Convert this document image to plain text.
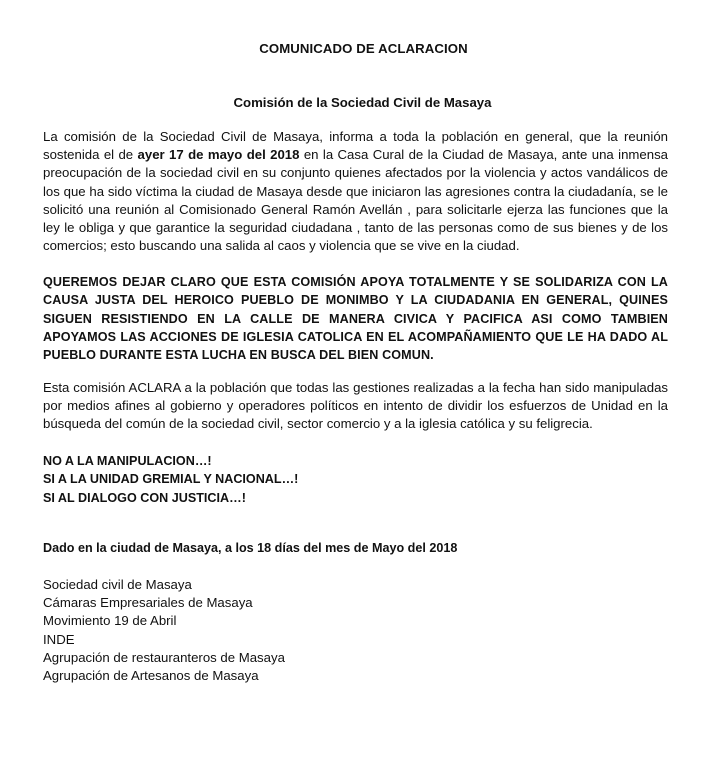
COMUNICADO DE ACLARACION
Comisión de la Sociedad Civil de Masaya
La comisión de la Sociedad Civil de Masaya, informa a toda la población en general, que la reunión sostenida el de ayer 17 de mayo del 2018 en la Casa Cural de la Ciudad de Masaya, ante una inmensa preocupación de la sociedad civil en su conjunto quienes afectados por la violencia y actos vandálicos de los que ha sido víctima la ciudad de Masaya desde que iniciaron las agresiones contra la ciudadanía, se le solicitó una reunión al Comisionado General Ramón Avellán , para solicitarle ejerza las funciones que la ley le obliga y que garantice la seguridad ciudadana , tanto de las personas como de sus bienes y de los comercios; esto buscando una salida al caos y violencia que se vive en la ciudad.
QUEREMOS DEJAR CLARO QUE ESTA COMISIÓN APOYA TOTALMENTE Y SE SOLIDARIZA CON LA CAUSA JUSTA DEL HEROICO PUEBLO DE MONIMBO Y LA CIUDADANIA EN GENERAL, QUINES SIGUEN RESISTIENDO EN LA CALLE DE MANERA CIVICA Y PACIFICA ASI COMO TAMBIEN APOYAMOS LAS ACCIONES DE IGLESIA CATOLICA EN EL ACOMPAÑAMIENTO QUE LE HA DADO AL PUEBLO DURANTE ESTA LUCHA EN BUSCA DEL BIEN COMUN.
Esta comisión ACLARA a la población que todas las gestiones realizadas a la fecha han sido manipuladas por medios afines al gobierno y operadores políticos en intento de dividir los esfuerzos de Unidad en la búsqueda del común de la sociedad civil, sector comercio y a la iglesia católica y su feligrecia.
NO A LA MANIPULACION…!
SI A LA UNIDAD GREMIAL Y NACIONAL…!
SI AL DIALOGO CON JUSTICIA…!
Dado en la ciudad de Masaya, a los 18 días del mes de Mayo del 2018
Sociedad civil de Masaya
Cámaras Empresariales de Masaya
Movimiento 19 de Abril
INDE
Agrupación de restauranteros de Masaya
Agrupación de Artesanos de Masaya
